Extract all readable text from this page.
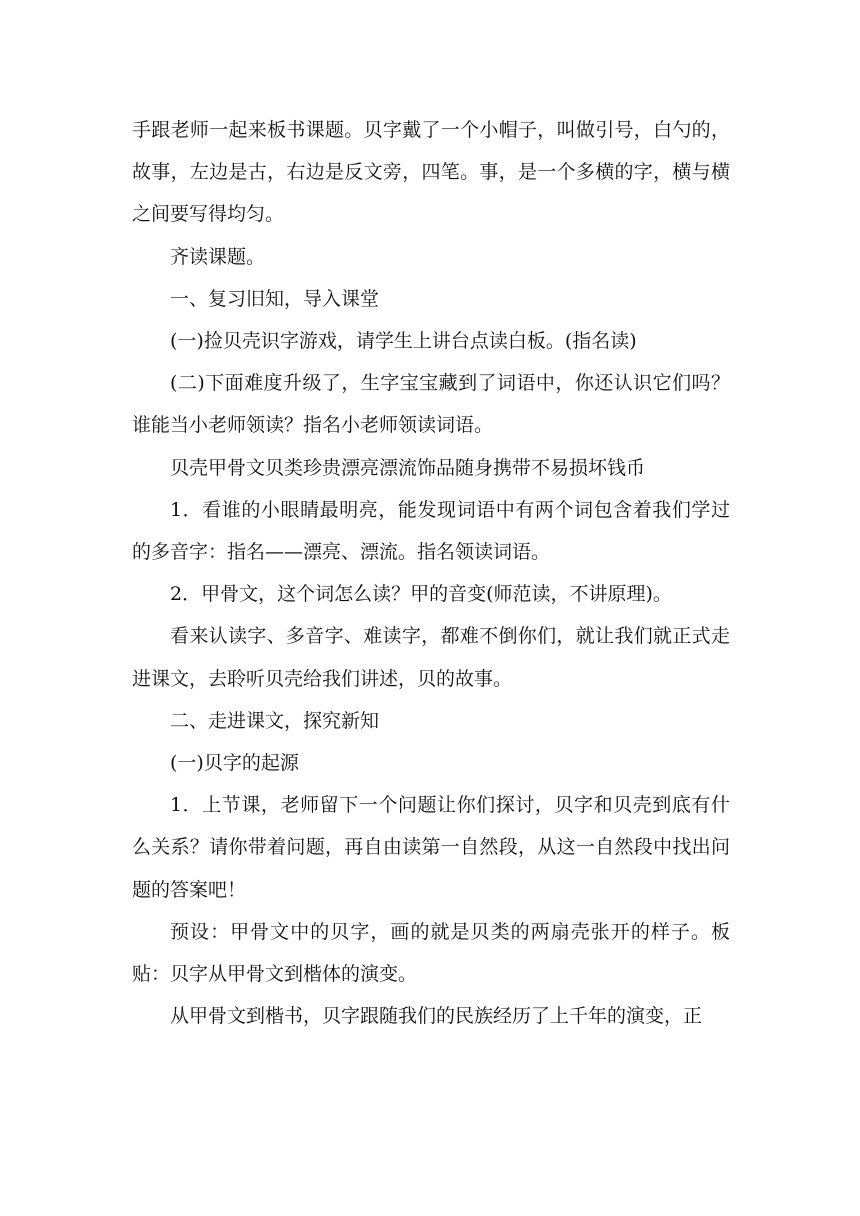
手跟老师一起来板书课题。贝字戴了一个小帽子，叫做引号，白勺的，故事，左边是古，右边是反文旁，四笔。事，是一个多横的字，横与横之间要写得均匀。

齐读课题。

一、复习旧知，导入课堂

(一)捡贝壳识字游戏，请学生上讲台点读白板。(指名读)

(二)下面难度升级了，生字宝宝藏到了词语中，你还认识它们吗？谁能当小老师领读？指名小老师领读词语。

贝壳甲骨文贝类珍贵漂亮漂流饰品随身携带不易损坏钱币

1．看谁的小眼睛最明亮，能发现词语中有两个词包含着我们学过的多音字：指名——漂亮、漂流。指名领读词语。

2．甲骨文，这个词怎么读？甲的音变(师范读，不讲原理)。

看来认读字、多音字、难读字，都难不倒你们，就让我们就正式走进课文，去聆听贝壳给我们讲述，贝的故事。

二、走进课文，探究新知

(一)贝字的起源

1．上节课，老师留下一个问题让你们探讨，贝字和贝壳到底有什么关系？请你带着问题，再自由读第一自然段，从这一自然段中找出问题的答案吧！

预设：甲骨文中的贝字，画的就是贝类的两扇壳张开的样子。板贴：贝字从甲骨文到楷体的演变。

从甲骨文到楷书，贝字跟随我们的民族经历了上千年的演变，正
